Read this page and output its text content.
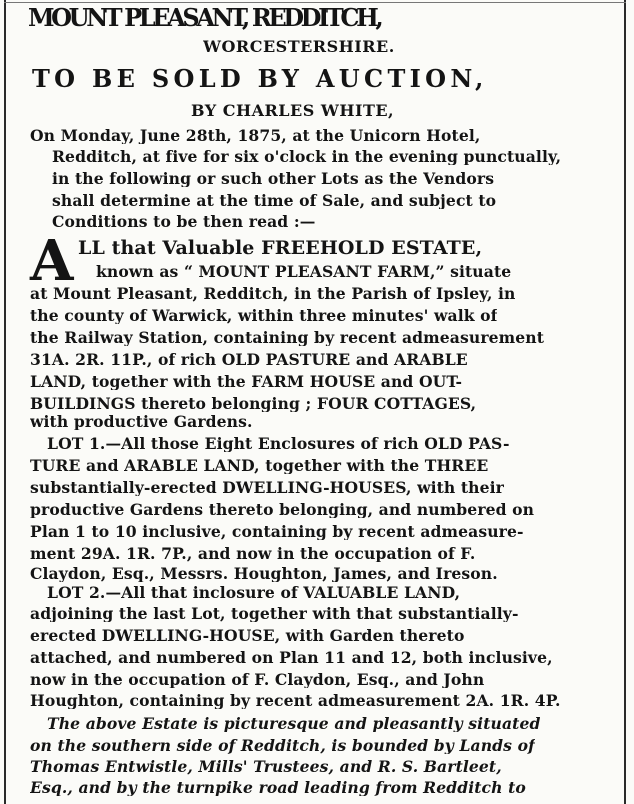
MOUNT PLEASANT, REDDITCH,
WORCESTERSHIRE.
TO BE SOLD BY AUCTION,
BY CHARLES WHITE,
On Monday, June 28th, 1875, at the Unicorn Hotel,
Redditch, at five for six o'clock in the evening punctually,
in the following or such other Lots as the Vendors
shall determine at the time of Sale, and subject to
Conditions to be then read :—
A LL that Valuable FREEHOLD ESTATE,
known as “ MOUNT PLEASANT FARM,” situate
at Mount Pleasant, Redditch, in the Parish of Ipsley, in
the county of Warwick, within three minutes' walk of
the Railway Station, containing by recent admeasurement
31A. 2R. 11P., of rich OLD PASTURE and ARABLE
LAND, together with the FARM HOUSE and OUT-
BUILDINGS thereto belonging ; FOUR COTTAGES,
with productive Gardens.
LOT 1.—All those Eight Enclosures of rich OLD PAS-
TURE and ARABLE LAND, together with the THREE
substantially-erected DWELLING-HOUSES, with their
productive Gardens thereto belonging, and numbered on
Plan 1 to 10 inclusive, containing by recent admeasure-
ment 29A. 1R. 7P., and now in the occupation of F.
Claydon, Esq., Messrs. Houghton, James, and Ireson.
LOT 2.—All that inclosure of VALUABLE LAND,
adjoining the last Lot, together with that substantially-
erected DWELLING-HOUSE, with Garden thereto
attached, and numbered on Plan 11 and 12, both inclusive,
now in the occupation of F. Claydon, Esq., and John
Houghton, containing by recent admeasurement 2A. 1R. 4P.
The above Estate is picturesque and pleasantly situated
on the southern side of Redditch, is bounded by Lands of
Thomas Entwistle, Mills' Trustees, and R. S. Bartleet,
Esq., and by the turnpike road leading from Redditch to
